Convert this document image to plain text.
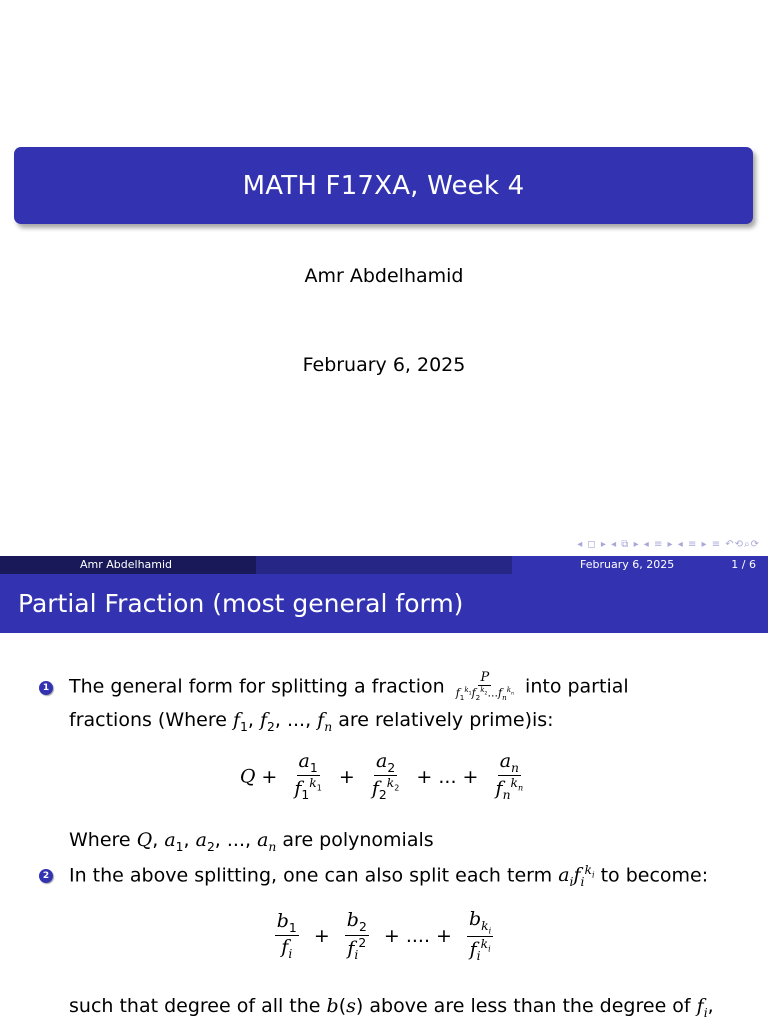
MATH F17XA, Week 4
Amr Abdelhamid
February 6, 2025
◂ ◻ ▸ ◂ ⧉ ▸ ◂ ≡ ▸ ◂ ≡ ▸ ≡ ↶⟲⌕⟳
Amr Abdelhamid	February 6, 2025	1 / 6
Partial Fraction (most general form)
1 The general form for splitting a fraction $\frac{P}{f_1^{k_1}f_2^{k_2}...f_n^{k_n}}$ into partial
fractions (Where $f_1$, $f_2$, ..., $f_n$ are relatively prime)is:
$Q + \frac{a_1}{f_1^{k_1}} + \frac{a_2}{f_2^{k_2}}$ + ... + $\frac{a_n}{f_n^{k_n}}$
Where Q, $a_1$, $a_2$, ..., $a_n$ are polynomials
2 In the above splitting, one can also split each term $a_if_i^{k_i}$ to become:
$\frac{b_1}{f_i} + \frac{b_2}{f_i^2}$ + .... + $\frac{b_{k_i}}{f_i^{k_i}}$
such that degree of all the b(s) above are less than the degree of $f_i$,
